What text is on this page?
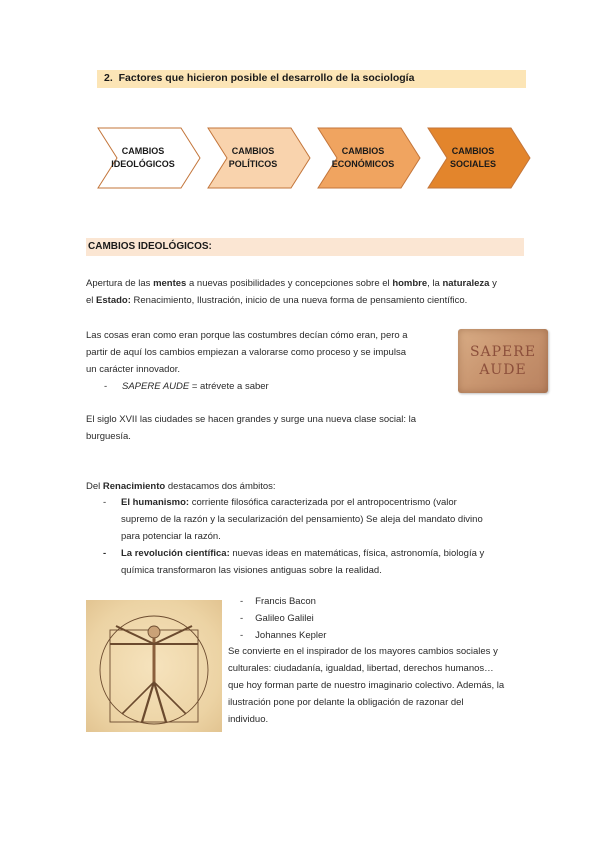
2. Factores que hicieron posible el desarrollo de la sociología
CAMBIOS
IDEOLÓGICOS
CAMBIOS
POLÍTICOS
CAMBIOS
ECONÓMICOS
CAMBIOS
SOCIALES
CAMBIOS IDEOLÓGICOS:
Apertura de las mentes a nuevas posibilidades y concepciones sobre el hombre, la naturaleza y
el Estado: Renacimiento, Ilustración, inicio de una nueva forma de pensamiento científico.
Las cosas eran como eran porque las costumbres decían cómo eran, pero a
partir de aquí los cambios empiezan a valorarse como proceso y se impulsa
un carácter innovador.
- SAPERE AUDE = atrévete a saber
SAPERE
AUDE
El siglo XVII las ciudades se hacen grandes y surge una nueva clase social: la
burguesía.
Del Renacimiento destacamos dos ámbitos:
- El humanismo: corriente filosófica caracterizada por el antropocentrismo (valor
supremo de la razón y la secularización del pensamiento) Se aleja del mandato divino
para potenciar la razón.
- La revolución científica: nuevas ideas en matemáticas, física, astronomía, biología y
química transformaron las visiones antiguas sobre la realidad.
- Francis Bacon
- Galileo Galilei
- Johannes Kepler
Se convierte en el inspirador de los mayores cambios sociales y
culturales: ciudadanía, igualdad, libertad, derechos humanos…
que hoy forman parte de nuestro imaginario colectivo. Además, la
ilustración pone por delante la obligación de razonar del
individuo.
